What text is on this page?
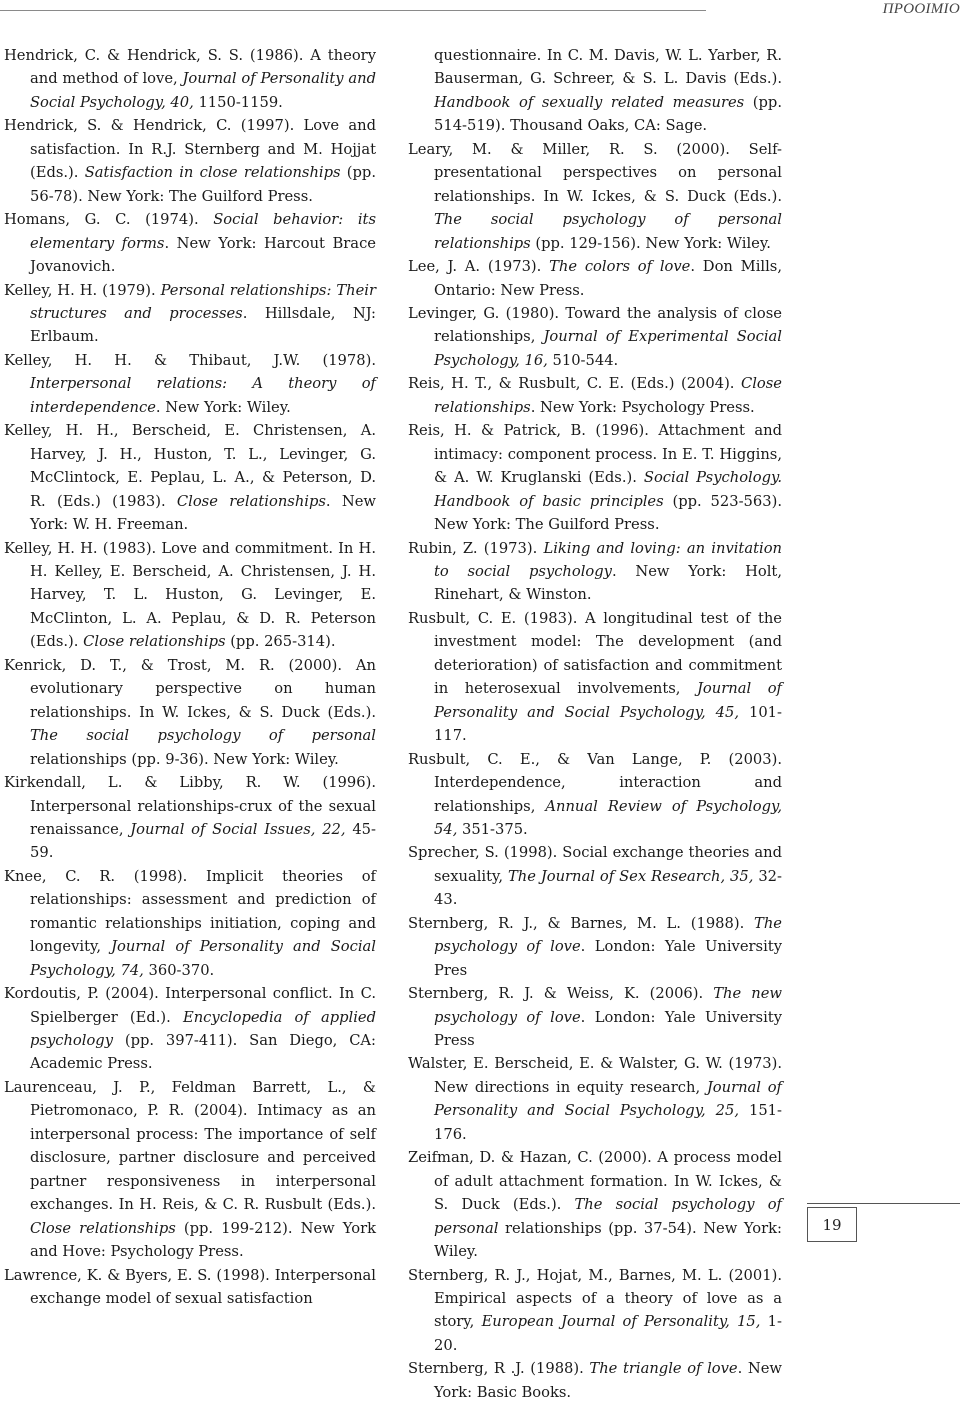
ΠΡΟΟΙΜΙΟ
Hendrick, C. & Hendrick, S. S. (1986). A theory and method of love, Journal of Personality and Social Psychology, 40, 1150-1159.
Hendrick, S. & Hendrick, C. (1997). Love and satisfaction. In R.J. Sternberg and M. Hojjat (Eds.). Satisfaction in close relationships (pp. 56-78). New York: The Guilford Press.
Homans, G. C. (1974). Social behavior: its elementary forms. New York: Harcout Brace Jovanovich.
Kelley, H. H. (1979). Personal relationships: Their structures and processes. Hillsdale, NJ: Erlbaum.
Kelley, H. H. & Thibaut, J.W. (1978). Interpersonal relations: A theory of interdependence. New York: Wiley.
Kelley, H. H., Berscheid, E. Christensen, A. Harvey, J. H., Huston, T. L., Levinger, G. McClintock, E. Peplau, L. A., & Peterson, D. R. (Eds.) (1983). Close relationships. New York: W. H. Freeman.
Kelley, H. H. (1983). Love and commitment. In H. H. Kelley, E. Berscheid, A. Christensen, J. H. Harvey, T. L. Huston, G. Levinger, E. McClinton, L. A. Peplau, & D. R. Peterson (Eds.). Close relationships (pp. 265-314).
Kenrick, D. T., & Trost, M. R. (2000). An evolutionary perspective on human relationships. In W. Ickes, & S. Duck (Eds.). The social psychology of personal relationships (pp. 9-36). New York: Wiley.
Kirkendall, L. & Libby, R. W. (1996). Interpersonal relationships-crux of the sexual renaissance, Journal of Social Issues, 22, 45-59.
Knee, C. R. (1998). Implicit theories of relationships: assessment and prediction of romantic relationships initiation, coping and longevity, Journal of Personality and Social Psychology, 74, 360-370.
Kordoutis, P. (2004). Interpersonal conflict. In C. Spielberger (Ed.). Encyclopedia of applied psychology (pp. 397-411). San Diego, CA: Academic Press.
Laurenceau, J. P., Feldman Barrett, L., & Pietromonaco, P. R. (2004). Intimacy as an interpersonal process: The importance of self disclosure, partner disclosure and perceived partner responsiveness in interpersonal exchanges. In H. Reis, & C. R. Rusbult (Eds.). Close relationships (pp. 199-212). New York and Hove: Psychology Press.
Lawrence, K. & Byers, E. S. (1998). Interpersonal exchange model of sexual satisfaction
questionnaire. In C. M. Davis, W. L. Yarber, R. Bauserman, G. Schreer, & S. L. Davis (Eds.). Handbook of sexually related measures (pp. 514-519). Thousand Oaks, CA: Sage.
Leary, M. & Miller, R. S. (2000). Self-presentational perspectives on personal relationships. In W. Ickes, & S. Duck (Eds.). The social psychology of personal relationships (pp. 129-156). New York: Wiley.
Lee, J. A. (1973). The colors of love. Don Mills, Ontario: New Press.
Levinger, G. (1980). Toward the analysis of close relationships, Journal of Experimental Social Psychology, 16, 510-544.
Reis, H. T., & Rusbult, C. E. (Eds.) (2004). Close relationships. New York: Psychology Press.
Reis, H. & Patrick, B. (1996). Attachment and intimacy: component process. In E. T. Higgins, & A. W. Kruglanski (Eds.). Social Psychology. Handbook of basic principles (pp. 523-563). New York: The Guilford Press.
Rubin, Z. (1973). Liking and loving: an invitation to social psychology. New York: Holt, Rinehart, & Winston.
Rusbult, C. E. (1983). A longitudinal test of the investment model: The development (and deterioration) of satisfaction and commitment in heterosexual involvements, Journal of Personality and Social Psychology, 45, 101-117.
Rusbult, C. E., & Van Lange, P. (2003). Interdependence, interaction and relationships, Annual Review of Psychology, 54, 351-375.
Sprecher, S. (1998). Social exchange theories and sexuality, The Journal of Sex Research, 35, 32-43.
Sternberg, R. J., & Barnes, M. L. (1988). The psychology of love. London: Yale University Pres
Sternberg, R. J. & Weiss, K. (2006). The new psychology of love. London: Yale University Press
Walster, E. Berscheid, E. & Walster, G. W. (1973). New directions in equity research, Journal of Personality and Social Psychology, 25, 151-176.
Zeifman, D. & Hazan, C. (2000). A process model of adult attachment formation. In W. Ickes, & S. Duck (Eds.). The social psychology of personal relationships (pp. 37-54). New York: Wiley.
Sternberg, R. J., Hojat, M., Barnes, M. L. (2001). Empirical aspects of a theory of love as a story, European Journal of Personality, 15, 1-20.
Sternberg, R .J. (1988). The triangle of love. New York: Basic Books.
19
